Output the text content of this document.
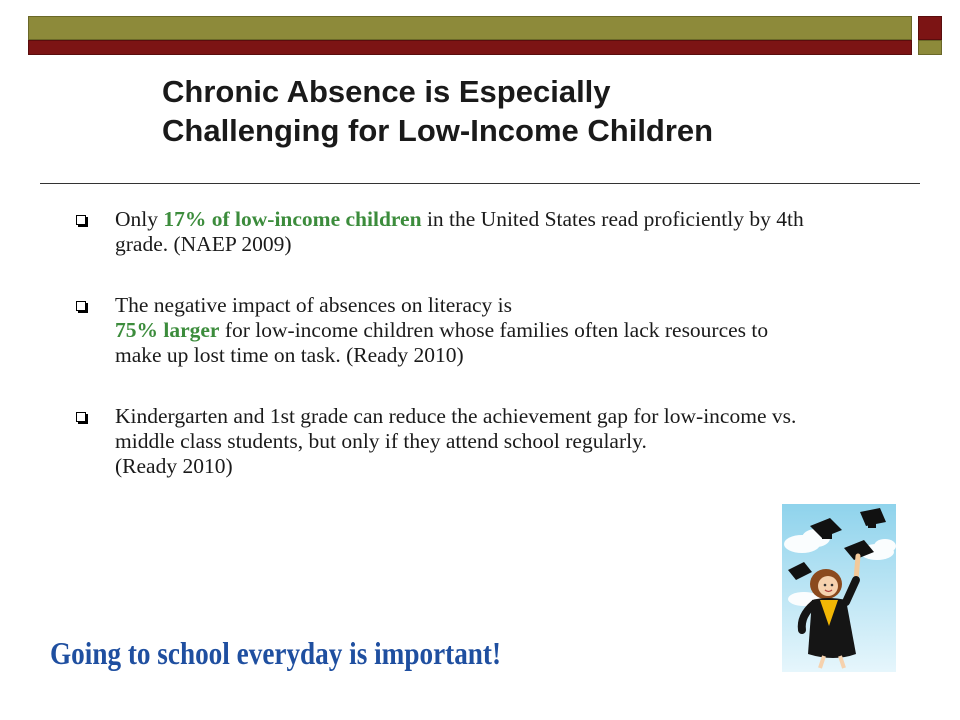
Chronic Absence is Especially
Challenging for Low-Income Children
Only 17% of low-income children in the United States read proficiently by 4th grade. (NAEP 2009)
The negative impact of absences on literacy is
75% larger for low-income children whose families often lack resources to make up lost time on task. (Ready 2010)
Kindergarten and 1st grade can reduce the achievement gap for low-income vs. middle class students, but only if they attend school regularly.
(Ready 2010)
Going to school everyday is important!
